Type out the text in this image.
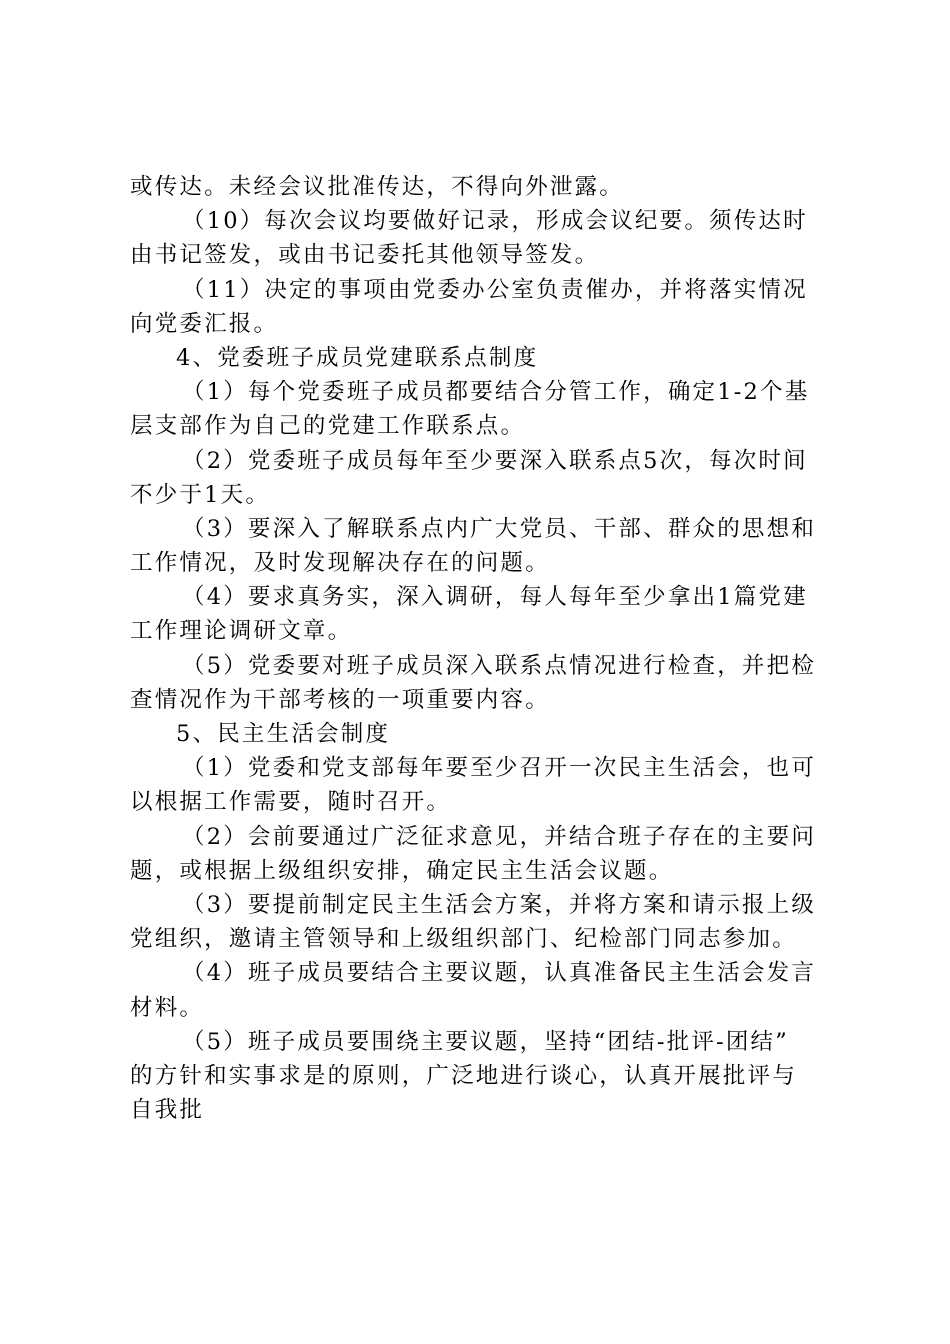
或传达。未经会议批准传达，不得向外泄露。
（10）每次会议均要做好记录，形成会议纪要。须传达时
由书记签发，或由书记委托其他领导签发。
（11）决定的事项由党委办公室负责催办，并将落实情况
向党委汇报。
4、党委班子成员党建联系点制度
（1）每个党委班子成员都要结合分管工作，确定1-2个基
层支部作为自己的党建工作联系点。
（2）党委班子成员每年至少要深入联系点5次，每次时间
不少于1天。
（3）要深入了解联系点内广大党员、干部、群众的思想和
工作情况，及时发现解决存在的问题。
（4）要求真务实，深入调研，每人每年至少拿出1篇党建
工作理论调研文章。
（5）党委要对班子成员深入联系点情况进行检查，并把检
查情况作为干部考核的一项重要内容。
5、民主生活会制度
（1）党委和党支部每年要至少召开一次民主生活会，也可
以根据工作需要，随时召开。
（2）会前要通过广泛征求意见，并结合班子存在的主要问
题，或根据上级组织安排，确定民主生活会议题。
（3）要提前制定民主生活会方案，并将方案和请示报上级
党组织，邀请主管领导和上级组织部门、纪检部门同志参加。
（4）班子成员要结合主要议题，认真准备民主生活会发言
材料。
（5）班子成员要围绕主要议题，坚持“团结-批评-团结”
的方针和实事求是的原则，广泛地进行谈心，认真开展批评与
自我批
